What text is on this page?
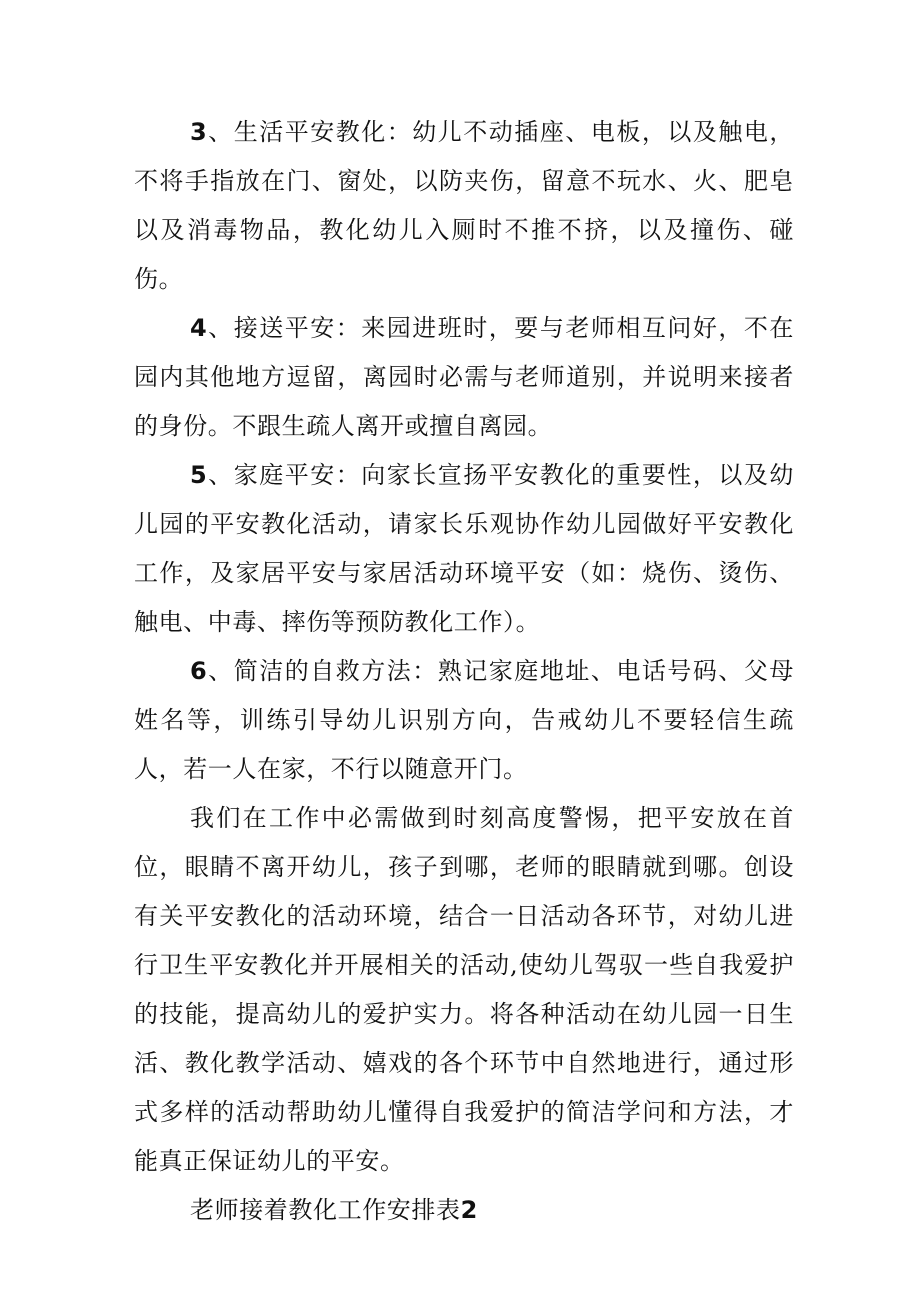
3、生活平安教化：幼儿不动插座、电板，以及触电，不将手指放在门、窗处，以防夹伤，留意不玩水、火、肥皂以及消毒物品，教化幼儿入厕时不推不挤，以及撞伤、碰伤。

4、接送平安：来园进班时，要与老师相互问好，不在园内其他地方逗留，离园时必需与老师道别，并说明来接者的身份。不跟生疏人离开或擅自离园。

5、家庭平安：向家长宣扬平安教化的重要性，以及幼儿园的平安教化活动，请家长乐观协作幼儿园做好平安教化工作，及家居平安与家居活动环境平安（如：烧伤、烫伤、触电、中毒、摔伤等预防教化工作）。

6、简洁的自救方法：熟记家庭地址、电话号码、父母姓名等，训练引导幼儿识别方向，告戒幼儿不要轻信生疏人，若一人在家，不行以随意开门。

我们在工作中必需做到时刻高度警惕，把平安放在首位，眼睛不离开幼儿，孩子到哪，老师的眼睛就到哪。创设有关平安教化的活动环境，结合一日活动各环节，对幼儿进行卫生平安教化并开展相关的活动,使幼儿驾驭一些自我爱护的技能，提高幼儿的爱护实力。将各种活动在幼儿园一日生活、教化教学活动、嬉戏的各个环节中自然地进行，通过形式多样的活动帮助幼儿懂得自我爱护的简洁学问和方法，才能真正保证幼儿的平安。

老师接着教化工作安排表2
